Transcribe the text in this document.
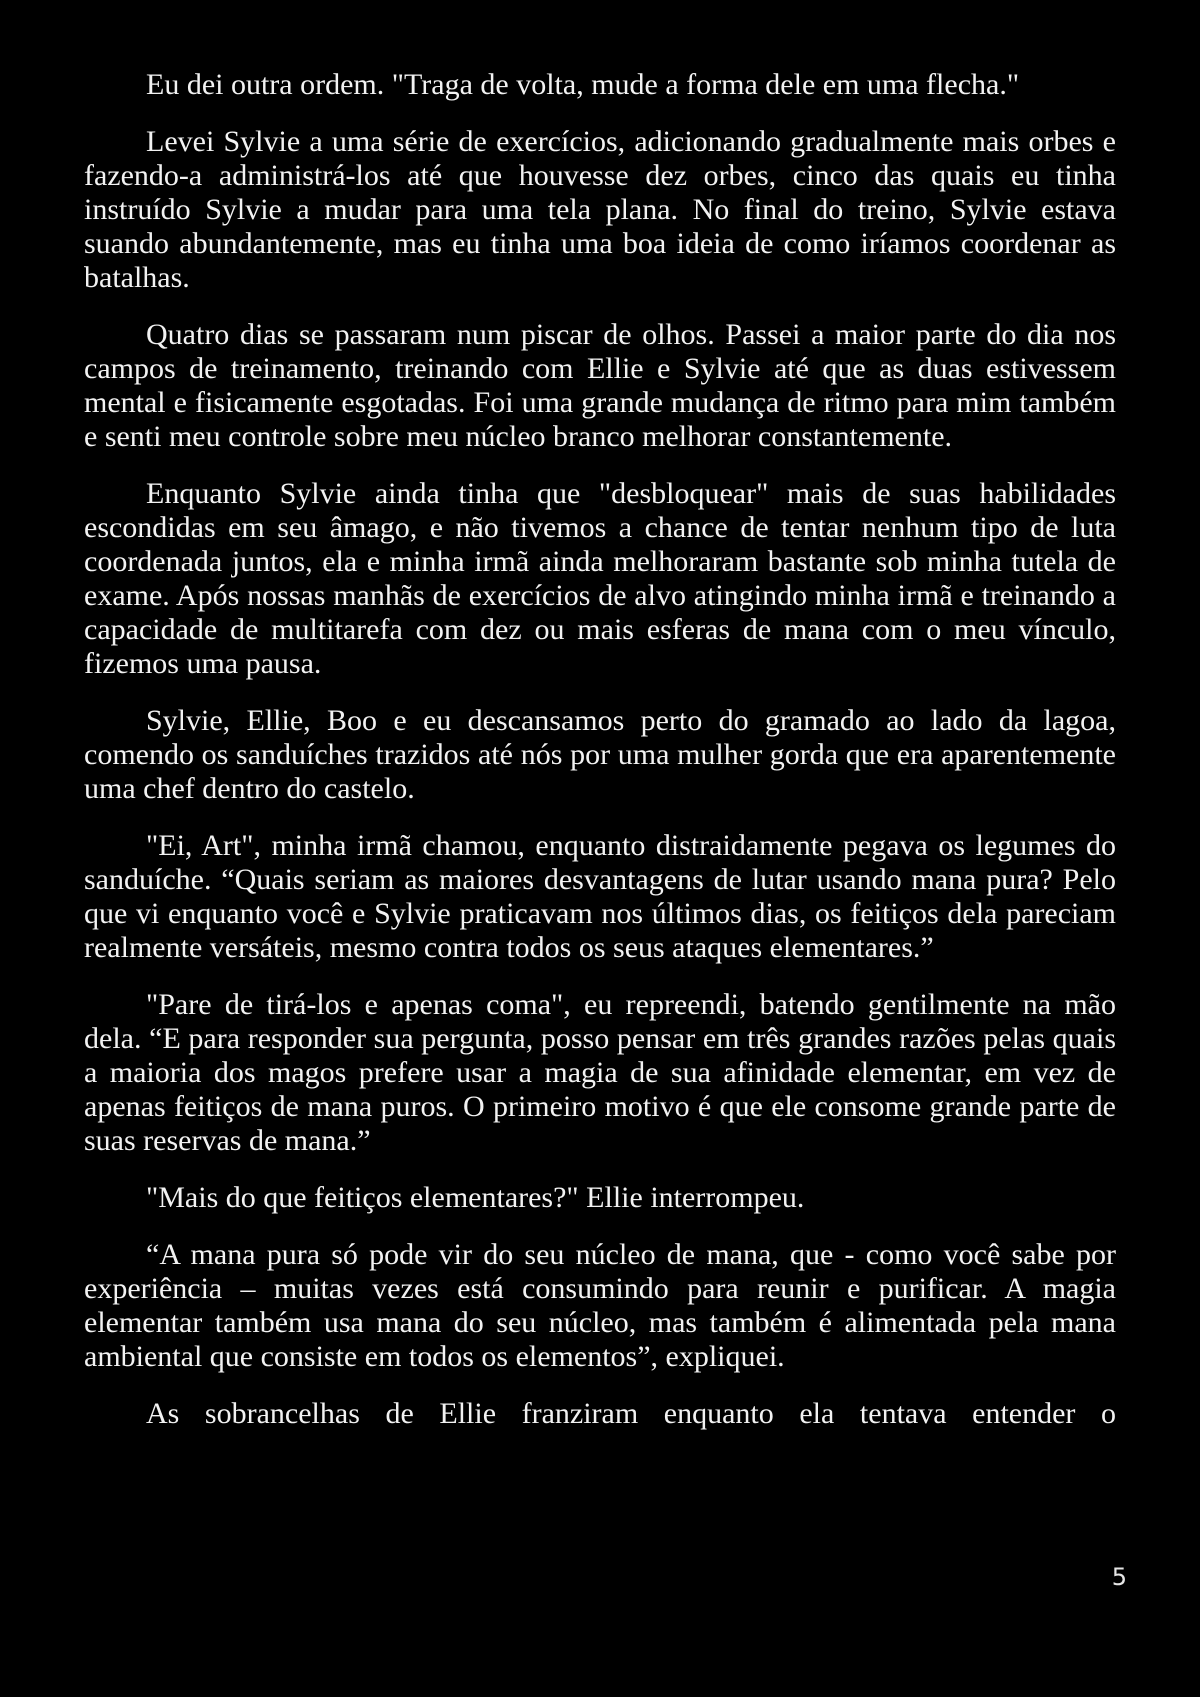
Eu dei outra ordem. "Traga de volta, mude a forma dele em uma flecha."

Levei Sylvie a uma série de exercícios, adicionando gradualmente mais orbes e fazendo-a administrá-los até que houvesse dez orbes, cinco das quais eu tinha instruído Sylvie a mudar para uma tela plana. No final do treino, Sylvie estava suando abundantemente, mas eu tinha uma boa ideia de como iríamos coordenar as batalhas.

Quatro dias se passaram num piscar de olhos. Passei a maior parte do dia nos campos de treinamento, treinando com Ellie e Sylvie até que as duas estivessem mental e fisicamente esgotadas. Foi uma grande mudança de ritmo para mim também e senti meu controle sobre meu núcleo branco melhorar constantemente.

Enquanto Sylvie ainda tinha que "desbloquear" mais de suas habilidades escondidas em seu âmago, e não tivemos a chance de tentar nenhum tipo de luta coordenada juntos, ela e minha irmã ainda melhoraram bastante sob minha tutela de exame. Após nossas manhãs de exercícios de alvo atingindo minha irmã e treinando a capacidade de multitarefa com dez ou mais esferas de mana com o meu vínculo, fizemos uma pausa.

Sylvie, Ellie, Boo e eu descansamos perto do gramado ao lado da lagoa, comendo os sanduíches trazidos até nós por uma mulher gorda que era aparentemente uma chef dentro do castelo.

"Ei, Art", minha irmã chamou, enquanto distraidamente pegava os legumes do sanduíche. “Quais seriam as maiores desvantagens de lutar usando mana pura? Pelo que vi enquanto você e Sylvie praticavam nos últimos dias, os feitiços dela pareciam realmente versáteis, mesmo contra todos os seus ataques elementares.”

"Pare de tirá-los e apenas coma", eu repreendi, batendo gentilmente na mão dela. “E para responder sua pergunta, posso pensar em três grandes razões pelas quais a maioria dos magos prefere usar a magia de sua afinidade elementar, em vez de apenas feitiços de mana puros. O primeiro motivo é que ele consome grande parte de suas reservas de mana.”

"Mais do que feitiços elementares?" Ellie interrompeu.

“A mana pura só pode vir do seu núcleo de mana, que - como você sabe por experiência – muitas vezes está consumindo para reunir e purificar. A magia elementar também usa mana do seu núcleo, mas também é alimentada pela mana ambiental que consiste em todos os elementos”, expliquei.

As sobrancelhas de Ellie franziram enquanto ela tentava entender o

5
